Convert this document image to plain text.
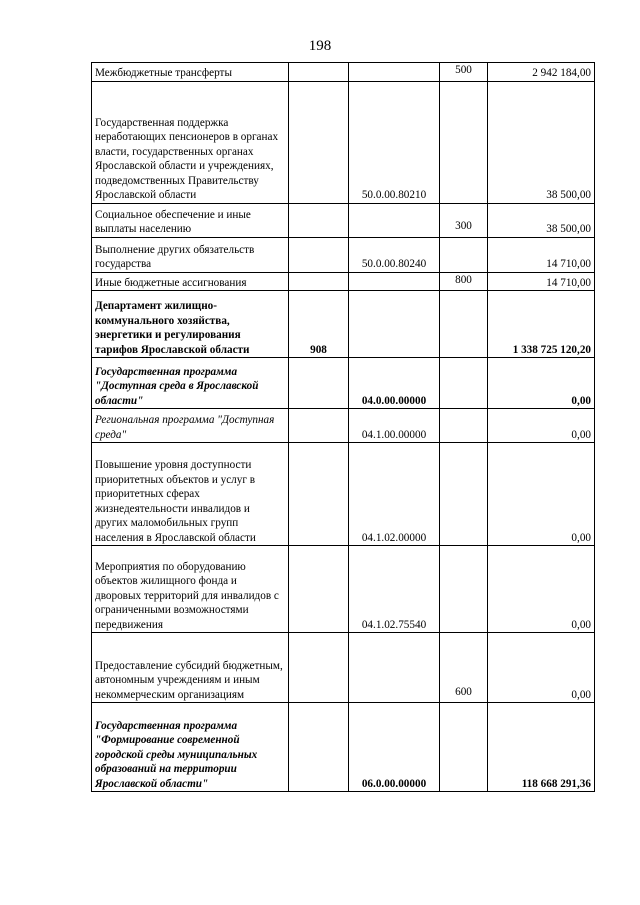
198
Межбюджетные трансферты			500	2 942 184,00
Государственная поддержка неработающих пенсионеров в органах власти, государственных органах Ярославской области и учреждениях, подведомственных Правительству Ярославской области		50.0.00.80210		38 500,00
Социальное обеспечение и иные выплаты населению			300	38 500,00
Выполнение других обязательств государства		50.0.00.80240		14 710,00
Иные бюджетные ассигнования			800	14 710,00
Департамент жилищно-коммунального хозяйства, энергетики и регулирования тарифов Ярославской области	908			1 338 725 120,20
Государственная программа "Доступная среда в Ярославской области"		04.0.00.00000		0,00
Региональная программа "Доступная среда"		04.1.00.00000		0,00
Повышение уровня доступности приоритетных объектов и услуг в приоритетных сферах жизнедеятельности инвалидов и других маломобильных групп населения в Ярославской области		04.1.02.00000		0,00
Мероприятия по оборудованию объектов жилищного фонда и дворовых территорий для инвалидов с ограниченными возможностями передвижения		04.1.02.75540		0,00
Предоставление субсидий бюджетным, автономным учреждениям и иным некоммерческим организациям			600	0,00
Государственная программа "Формирование современной городской среды муниципальных образований на территории Ярославской области"		06.0.00.00000		118 668 291,36
